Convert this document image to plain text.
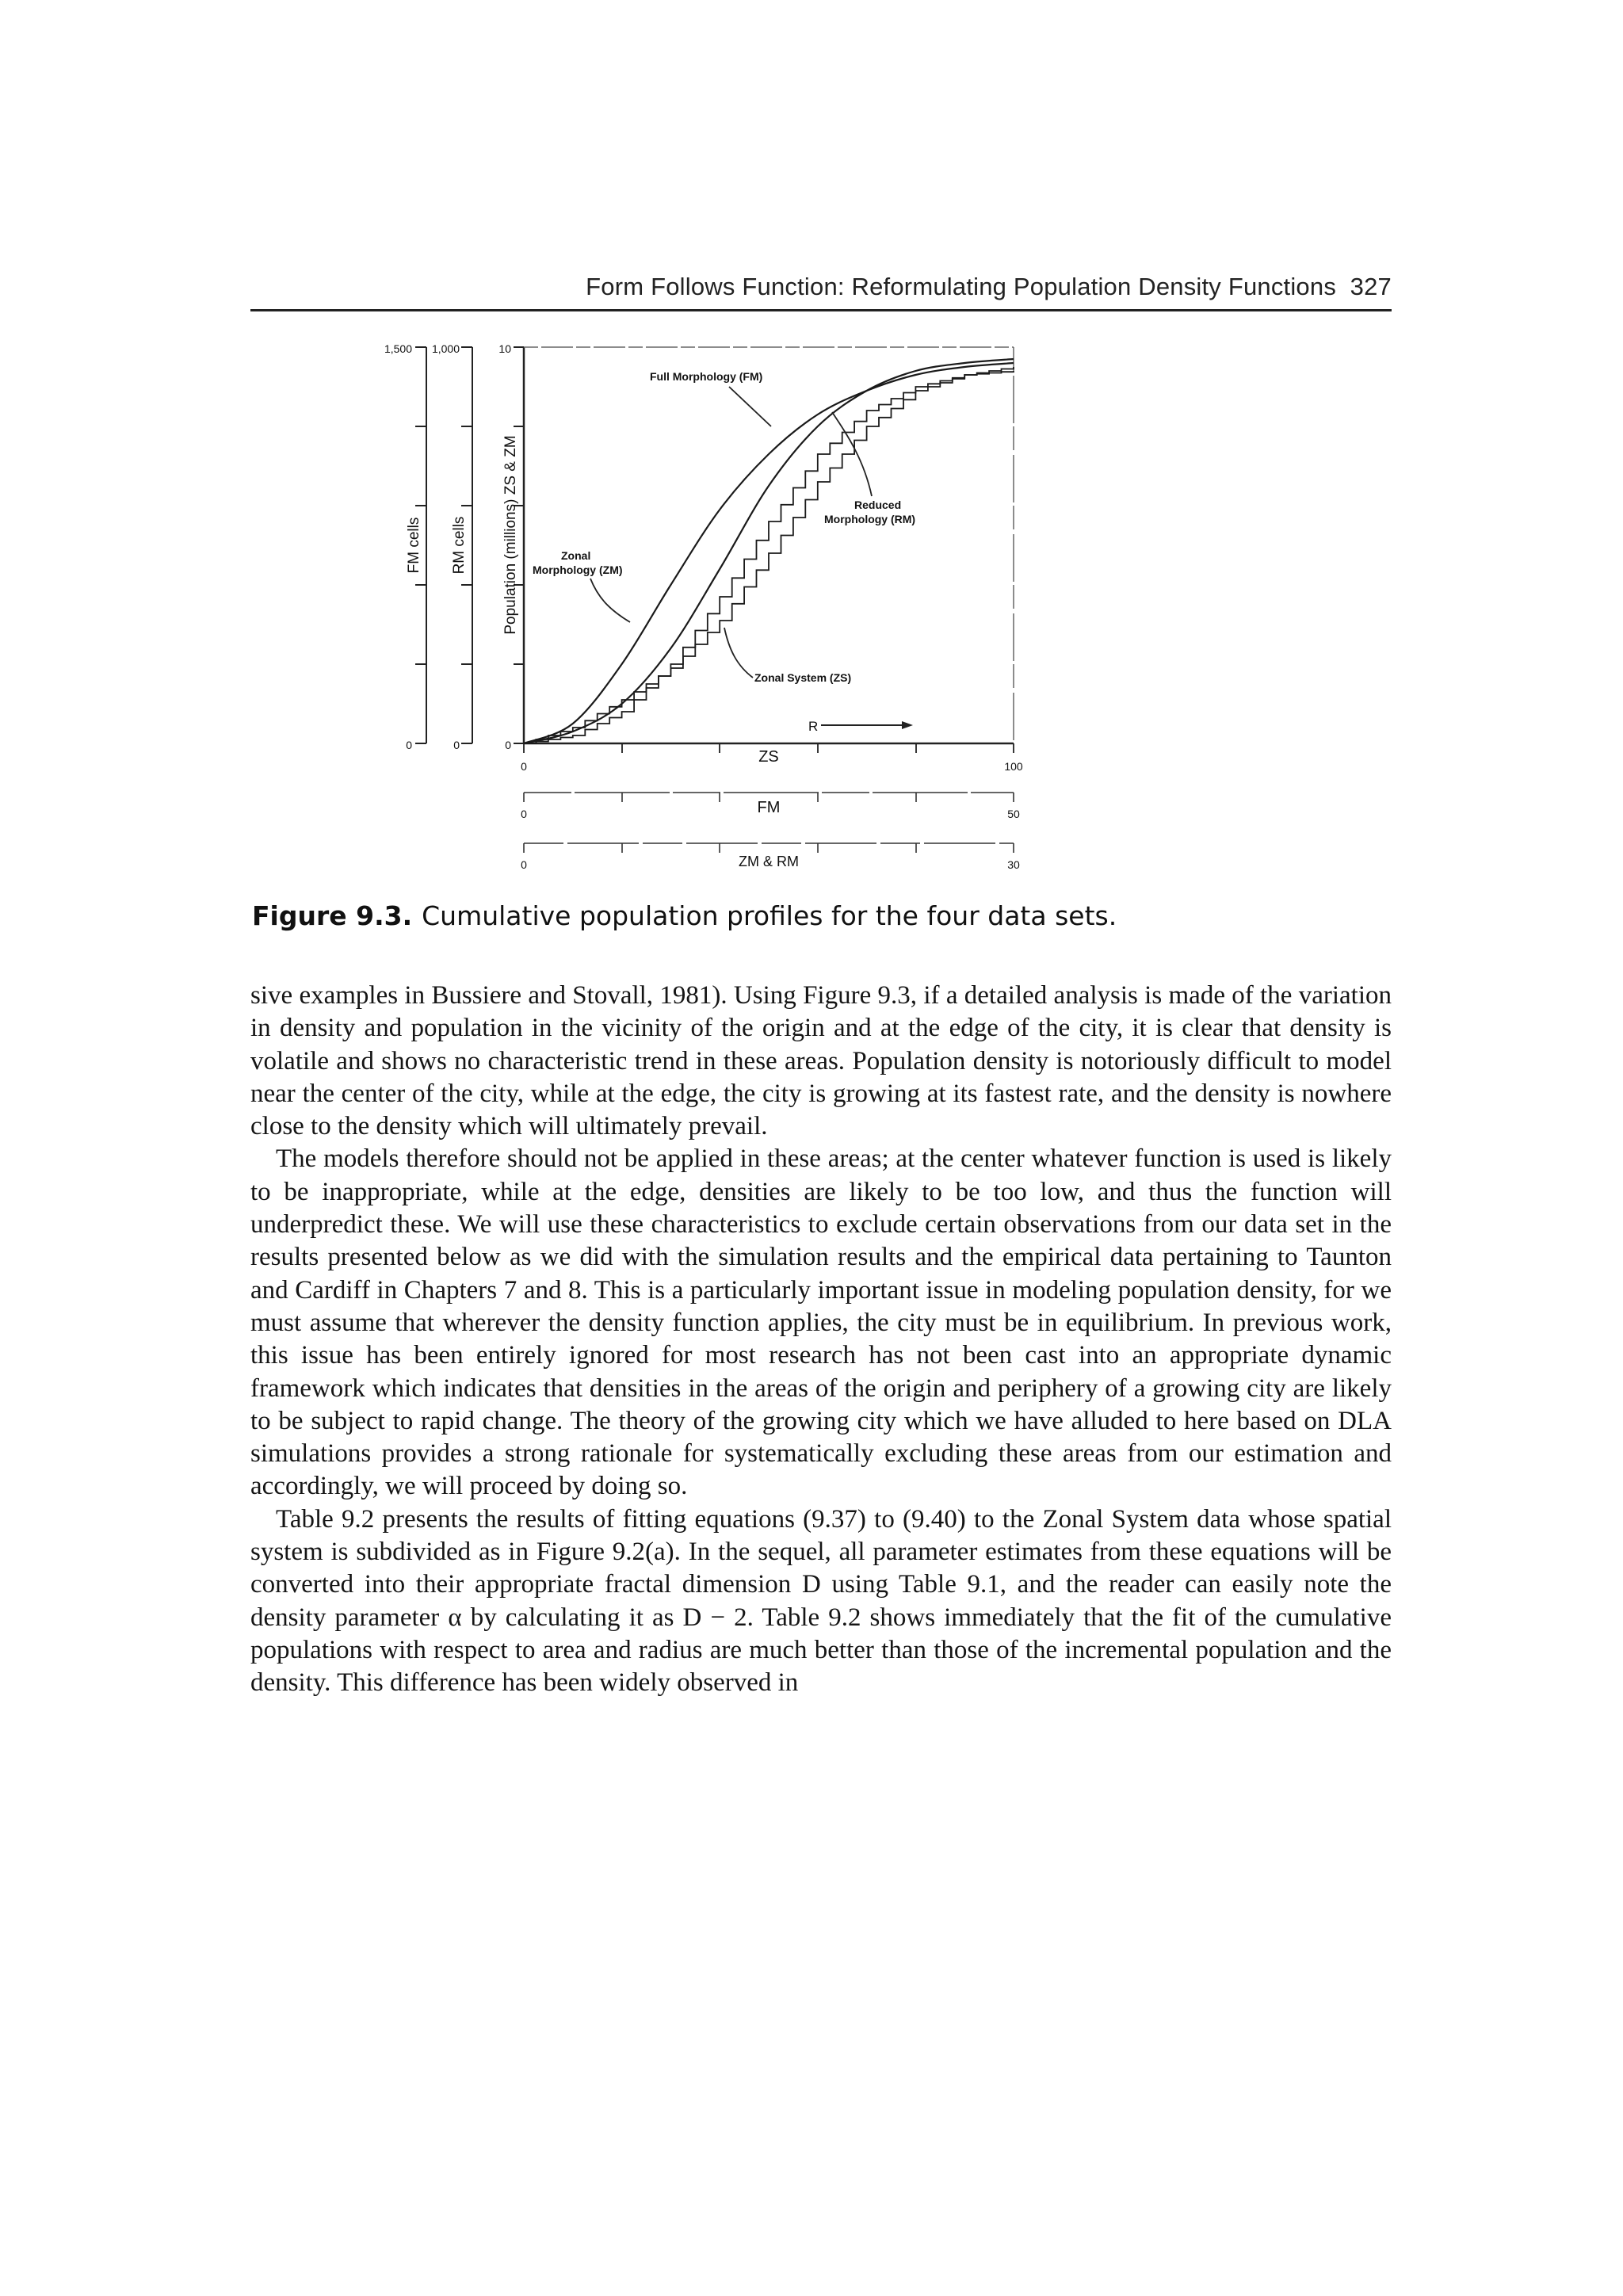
Form Follows Function: Reformulating Population Density Functions 327
1,500 1,000	10
0	0	0
FM cells RM cells Population (millions) ZS & ZM
Full Morphology (FM)
Reduced
Morphology (RM)
Zonal
Morphology (ZM)
Zonal System (ZS)
R
0
ZS
100
0	FM	50
0	ZM & RM	30
Figure 9.3. Cumulative population profiles for the four data sets.

sive examples in Bussiere and Stovall, 1981). Using Figure 9.3, if a detailed analysis is made of the variation in density and population in the vicinity of the origin and at the edge of the city, it is clear that density is volatile and shows no characteristic trend in these areas. Population density is notoriously difficult to model near the center of the city, while at the edge, the city is growing at its fastest rate, and the density is nowhere close to the density which will ultimately prevail.

The models therefore should not be applied in these areas; at the center whatever function is used is likely to be inappropriate, while at the edge, densities are likely to be too low, and thus the function will underpredict these. We will use these characteristics to exclude certain observations from our data set in the results presented below as we did with the simulation results and the empirical data pertaining to Taunton and Cardiff in Chapters 7 and 8. This is a particularly important issue in modeling population density, for we must assume that wherever the density function applies, the city must be in equilibrium. In previous work, this issue has been entirely ignored for most research has not been cast into an appropriate dynamic framework which indicates that densities in the areas of the origin and periphery of a growing city are likely to be subject to rapid change. The theory of the growing city which we have alluded to here based on DLA simulations provides a strong rationale for systematically excluding these areas from our estimation and accordingly, we will proceed by doing so.

Table 9.2 presents the results of fitting equations (9.37) to (9.40) to the Zonal System data whose spatial system is subdivided as in Figure 9.2(a). In the sequel, all parameter estimates from these equations will be converted into their appropriate fractal dimension D using Table 9.1, and the reader can easily note the density parameter α by calculating it as D − 2. Table 9.2 shows immediately that the fit of the cumulative populations with respect to area and radius are much better than those of the incremental population and the density. This difference has been widely observed in
